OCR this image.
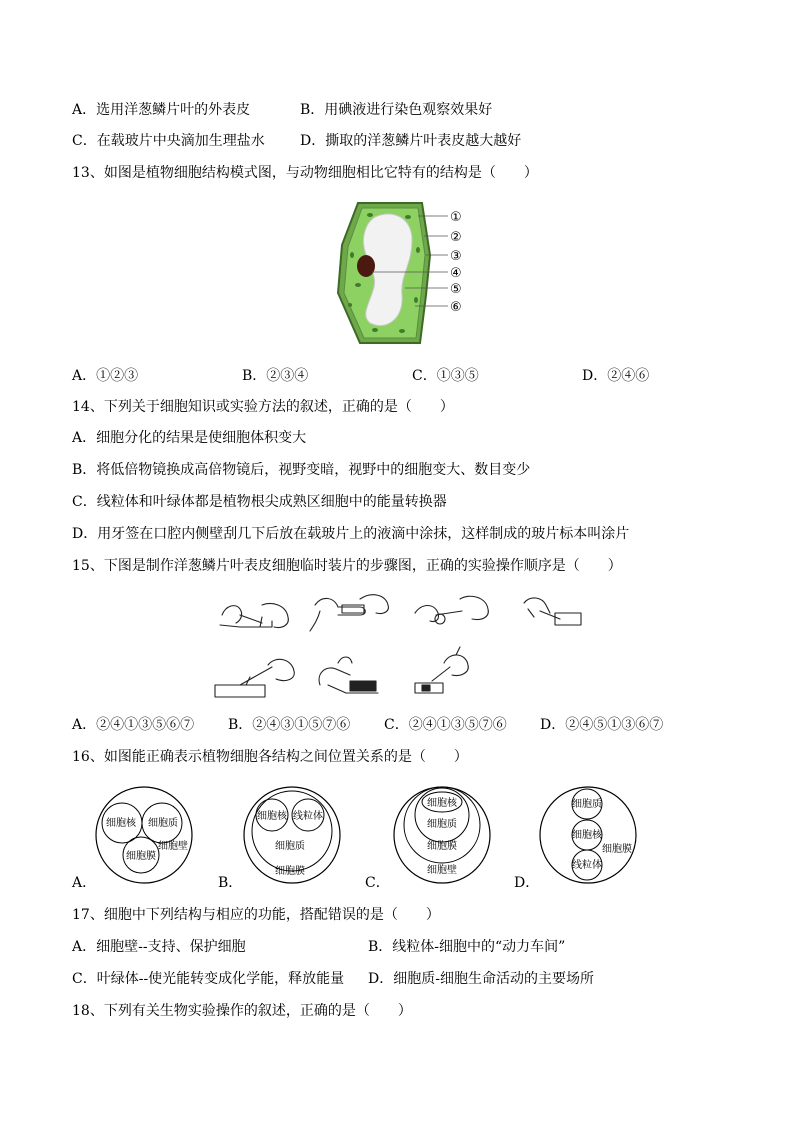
A．选用洋葱鳞片叶的外表皮	B．用碘液进行染色观察效果好
C．在载玻片中央滴加生理盐水	D．撕取的洋葱鳞片叶表皮越大越好
13、如图是植物细胞结构模式图，与动物细胞相比它特有的结构是（　　）
①
②
③
④
⑤
⑥
A．①②③	B．②③④	C．①③⑤	D．②④⑥
14、下列关于细胞知识或实验方法的叙述，正确的是（　　）
A．细胞分化的结果是使细胞体积变大
B．将低倍物镜换成高倍物镜后，视野变暗，视野中的细胞变大、数目变少
C．线粒体和叶绿体都是植物根尖成熟区细胞中的能量转换器
D．用牙签在口腔内侧壁刮几下后放在载玻片上的液滴中涂抹，这样制成的玻片标本叫涂片
15、下图是制作洋葱鳞片叶表皮细胞临时装片的步骤图，正确的实验操作顺序是（　　）
A．②④①③⑤⑥⑦ B．②④③①⑤⑦⑥ C．②④①③⑤⑦⑥ D．②④⑤①③⑥⑦
16、如图能正确表示植物细胞各结构之间位置关系的是（　　）
A．
细胞核 细胞质
细胞膜
细胞壁
B．
细胞核 线粒体
细胞质
细胞膜
C．
细胞核
细胞质
细胞膜
细胞壁
D．
细胞质
细胞核
细胞膜
线粒体
17、细胞中下列结构与相应的功能，搭配错误的是（　　）
A．细胞壁--支持、保护细胞	B．线粒体-细胞中的“动力车间”
C．叶绿体--使光能转变成化学能，释放能量 D．细胞质-细胞生命活动的主要场所
18、下列有关生物实验操作的叙述，正确的是（　　）
